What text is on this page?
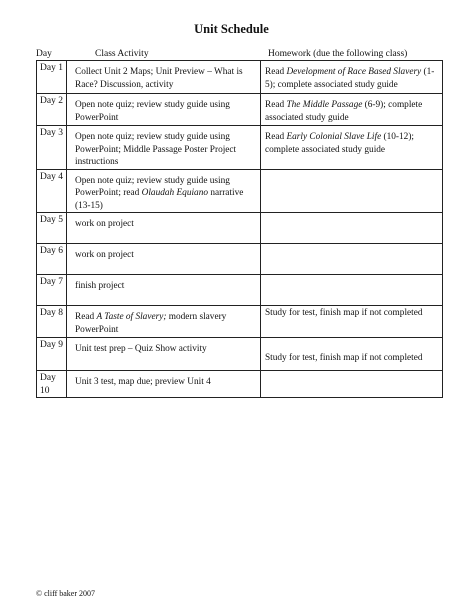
Unit Schedule
Day	Class Activity	Homework (due the following class)
Day 1	Collect Unit 2 Maps; Unit Preview – What is Race? Discussion, activity	Read Development of Race Based Slavery (1-5); complete associated study guide
Day 2	Open note quiz; review study guide using PowerPoint	Read The Middle Passage (6-9); complete associated study guide
Day 3	Open note quiz; review study guide using PowerPoint; Middle Passage Poster Project instructions	Read Early Colonial Slave Life (10-12); complete associated study guide
Day 4	Open note quiz; review study guide using PowerPoint; read Olaudah Equiano narrative (13-15)	
Day 5	work on project	
Day 6	work on project	
Day 7	finish project	
Day 8	Read A Taste of Slavery; modern slavery PowerPoint	Study for test, finish map if not completed
Day 9	Unit test prep – Quiz Show activity	Study for test, finish map if not completed
Day 10	Unit 3 test, map due; preview Unit 4	
© cliff baker 2007
